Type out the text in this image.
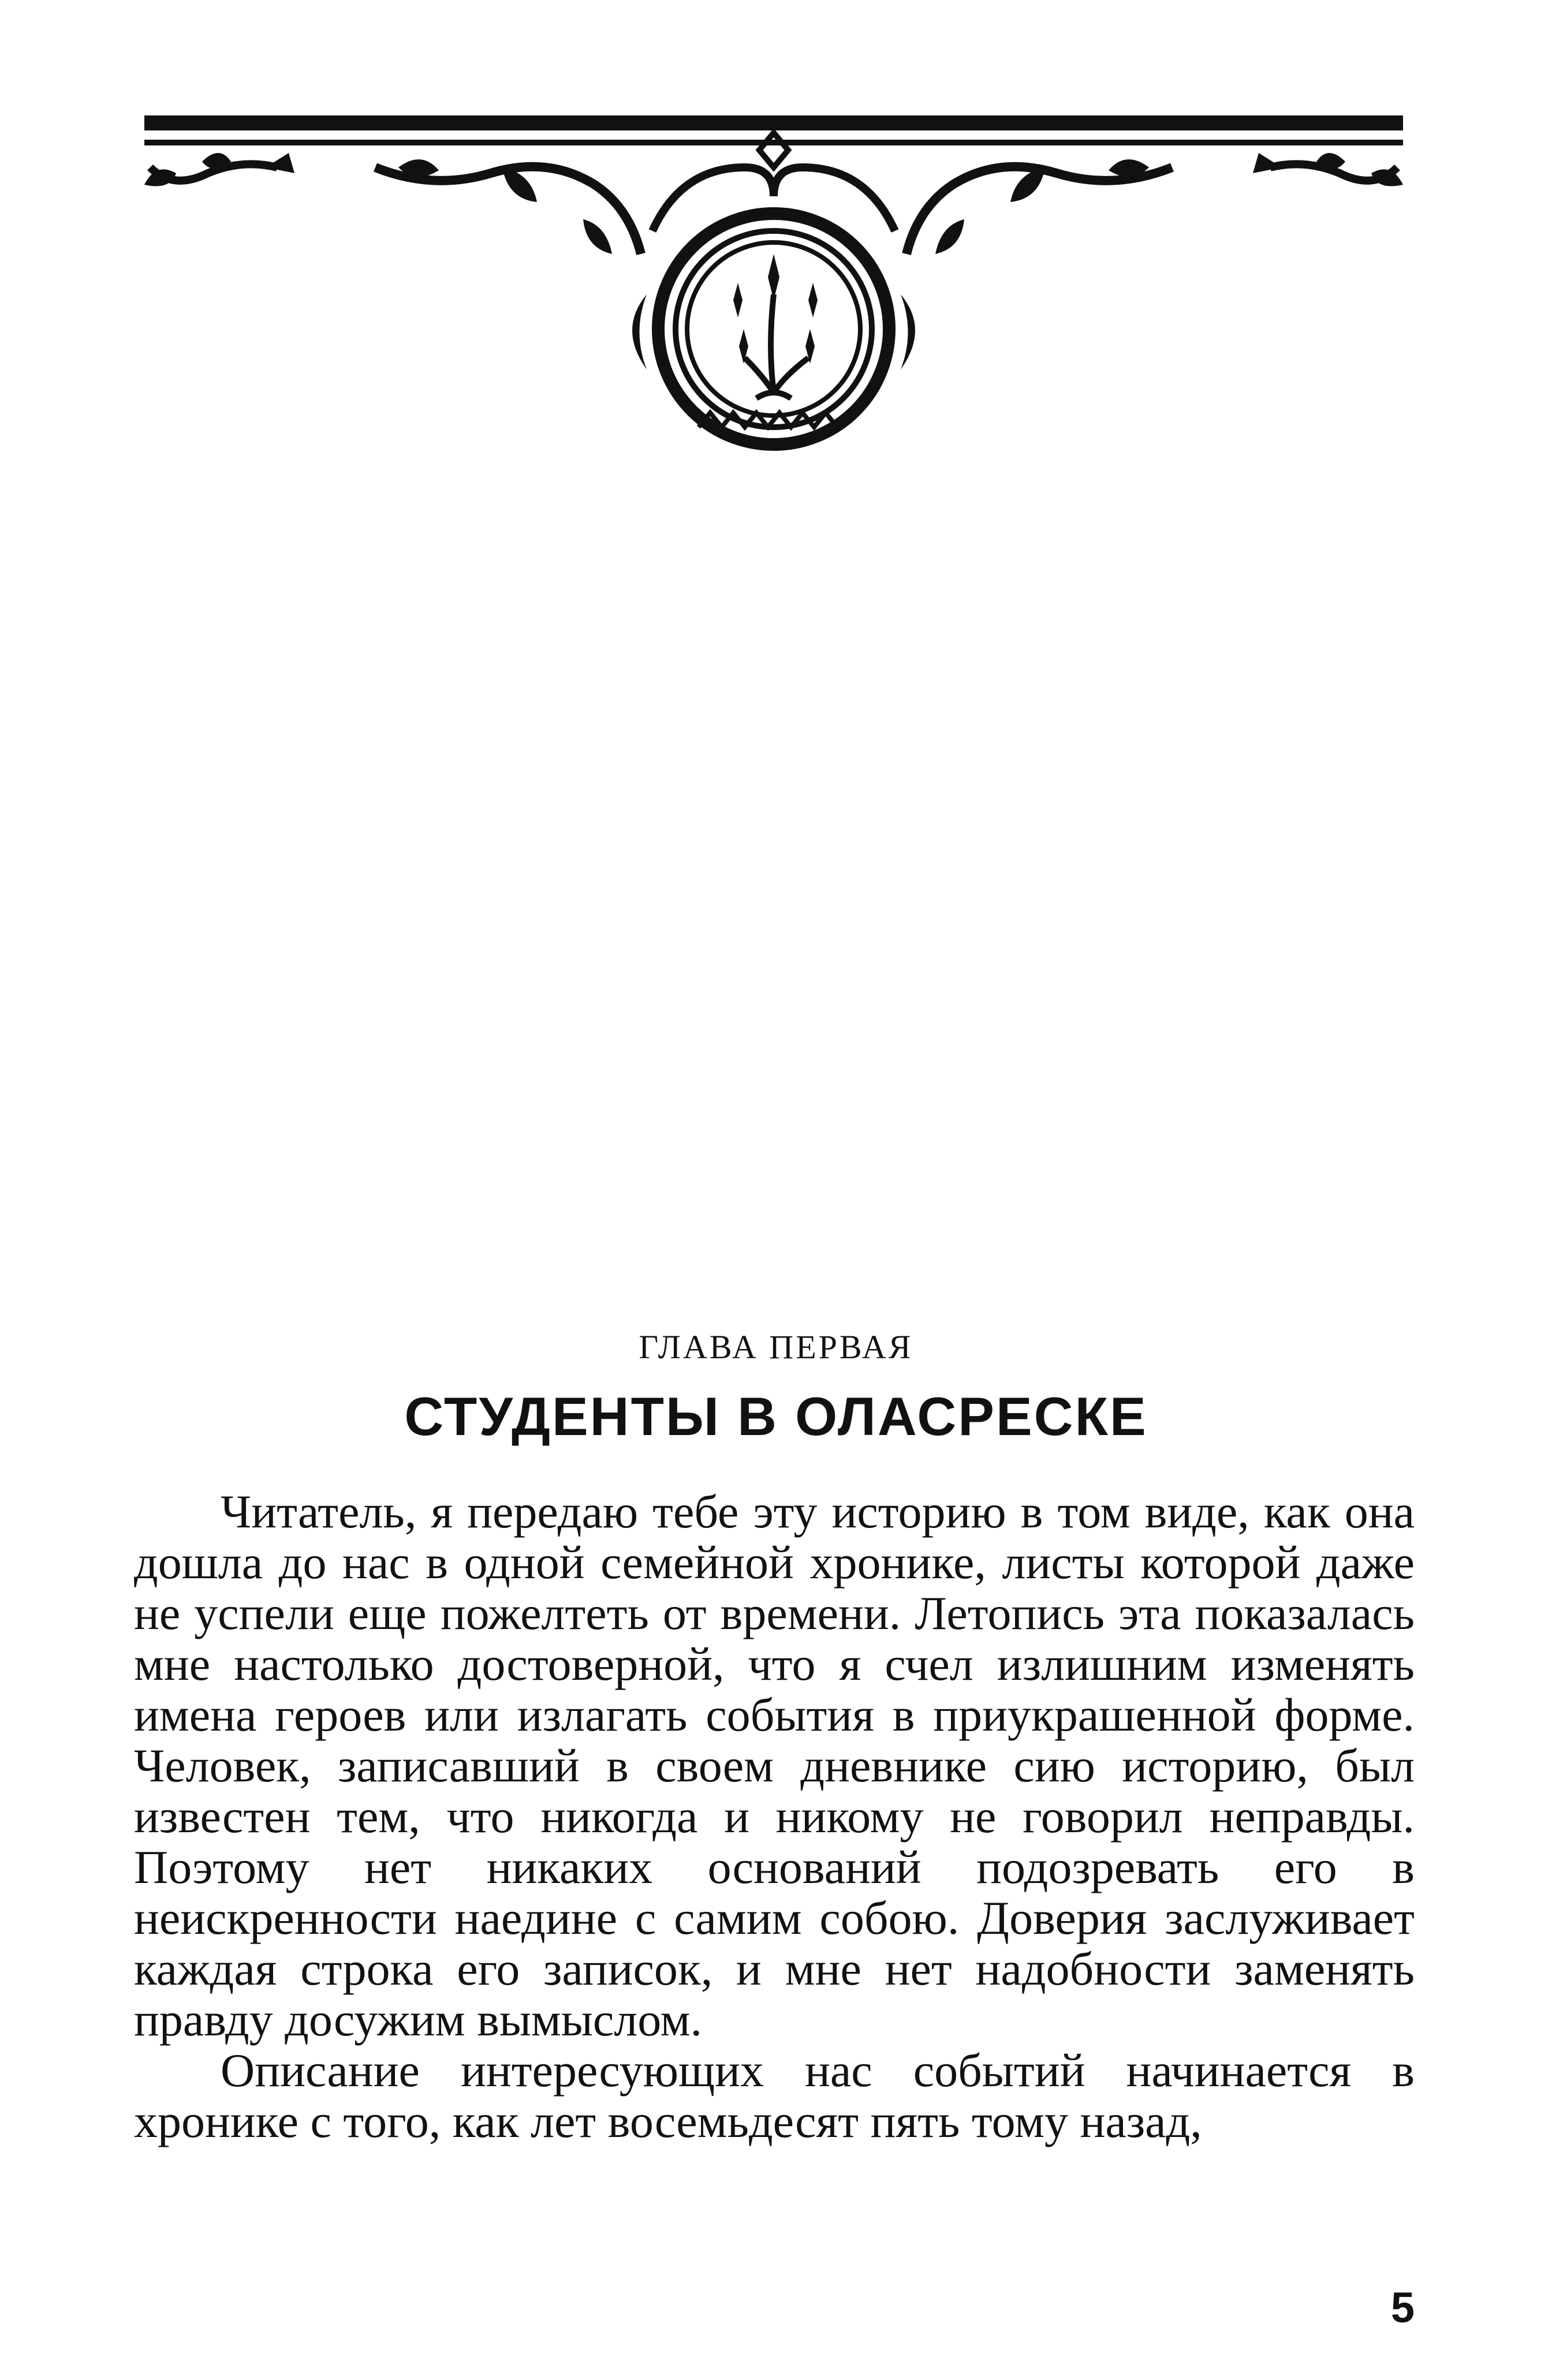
ГЛАВА ПЕРВАЯ
СТУДЕНТЫ В ОЛАСРЕСКЕ

Читатель, я передаю тебе эту историю в том виде, как она дошла до нас в одной семейной хронике, листы которой даже не успели еще пожелтеть от времени. Летопись эта показалась мне настолько достоверной, что я счел излишним изменять имена героев или излагать события в приукрашенной форме. Человек, записавший в своем дневнике сию историю, был известен тем, что никогда и никому не говорил неправды. Поэтому нет никаких оснований подозревать его в неискренности наедине с самим собою. Доверия заслуживает каждая строка его записок, и мне нет надобности заменять правду досужим вымыслом.

Описание интересующих нас событий начинается в хронике с того, как лет восемьдесят пять тому назад,

5
